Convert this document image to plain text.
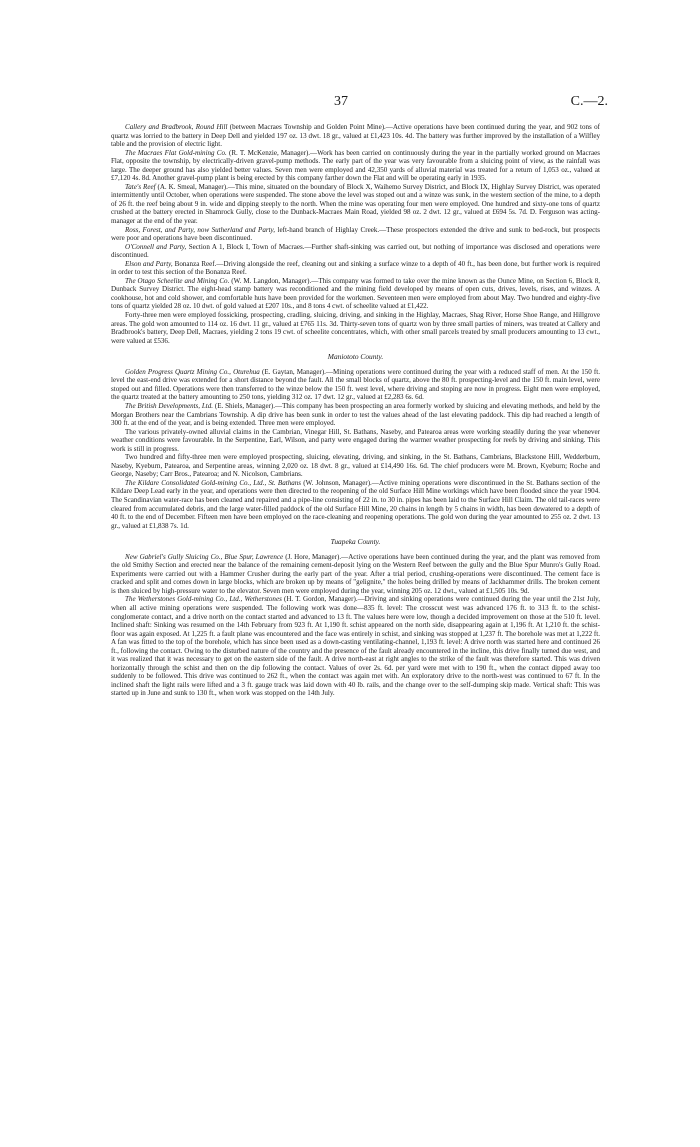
37	C.—2.

Callery and Bradbrook, Round Hill (between Macraes Township and Golden Point Mine).—Active operations have been continued during the year, and 902 tons of quartz was lorried to the battery in Deep Dell and yielded 197 oz. 13 dwt. 18 gr., valued at £1,423 10s. 4d. The battery was further improved by the installation of a Wilfley table and the provision of electric light.

The Macraes Flat Gold-mining Co. (R. T. McKenzie, Manager).—Work has been carried on continuously during the year in the partially worked ground on Macraes Flat, opposite the township, by electrically-driven gravel-pump methods. The early part of the year was very favourable from a sluicing point of view, as the rainfall was large. The deeper ground has also yielded better values. Seven men were employed and 42,350 yards of alluvial material was treated for a return of 1,053 oz., valued at £7,120 4s. 8d. Another gravel-pump plant is being erected by this company farther down the Flat and will be operating early in 1935.

Tate's Reef (A. K. Smeal, Manager).—This mine, situated on the boundary of Block X, Waihemo Survey District, and Block IX, Highlay Survey District, was operated intermittently until October, when operations were suspended. The stone above the level was stoped out and a winze was sunk, in the western section of the mine, to a depth of 26 ft. the reef being about 9 in. wide and dipping steeply to the north. When the mine was operating four men were employed. One hundred and sixty-one tons of quartz crushed at the battery erected in Shamrock Gully, close to the Dunback-Macraes Main Road, yielded 98 oz. 2 dwt. 12 gr., valued at £694 5s. 7d. D. Ferguson was acting-manager at the end of the year.

Ross, Forest, and Party, now Sutherland and Party, left-hand branch of Highlay Creek.—These prospectors extended the drive and sunk to bed-rock, but prospects were poor and operations have been discontinued.

O'Connell and Party, Section A 1, Block I, Town of Macraes.—Further shaft-sinking was carried out, but nothing of importance was disclosed and operations were discontinued.

Elson and Party, Bonanza Reef.—Driving alongside the reef, cleaning out and sinking a surface winze to a depth of 40 ft., has been done, but further work is required in order to test this section of the Bonanza Reef.

The Otago Scheelite and Mining Co. (W. M. Langdon, Manager).—This company was formed to take over the mine known as the Ounce Mine, on Section 6, Block 8, Dunback Survey District. The eight-head stamp battery was reconditioned and the mining field developed by means of open cuts, drives, levels, rises, and winzes. A cookhouse, hot and cold shower, and comfortable huts have been provided for the workmen. Seventeen men were employed from about May. Two hundred and eighty-five tons of quartz yielded 28 oz. 10 dwt. of gold valued at £207 10s., and 8 tons 4 cwt. of scheelite valued at £1,422.

Forty-three men were employed fossicking, prospecting, cradling, sluicing, driving, and sinking in the Highlay, Macraes, Shag River, Horse Shoe Range, and Hillgrove areas. The gold won amounted to 114 oz. 16 dwt. 11 gr., valued at £765 11s. 3d. Thirty-seven tons of quartz won by three small parties of miners, was treated at Callery and Bradbrook's battery, Deep Dell, Macraes, yielding 2 tons 19 cwt. of scheelite concentrates, which, with other small parcels treated by small producers amounting to 13 cwt., were valued at £536.

Maniototo County.

Golden Progress Quartz Mining Co., Oturehua (E. Gaytan, Manager).—Mining operations were continued during the year with a reduced staff of men. At the 150 ft. level the east-end drive was extended for a short distance beyond the fault. All the small blocks of quartz, above the 80 ft. prospecting-level and the 150 ft. main level, were stoped out and filled. Operations were then transferred to the winze below the 150 ft. west level, where driving and stoping are now in progress. Eight men were employed, the quartz treated at the battery amounting to 250 tons, yielding 312 oz. 17 dwt. 12 gr., valued at £2,283 6s. 6d.

The British Developments, Ltd. (E. Shiels, Manager).—This company has been prospecting an area formerly worked by sluicing and elevating methods, and held by the Morgan Brothers near the Cambrians Township. A dip drive has been sunk in order to test the values ahead of the last elevating paddock. This dip had reached a length of 300 ft. at the end of the year, and is being extended. Three men were employed.

The various privately-owned alluvial claims in the Cambrian, Vinegar Hill, St. Bathans, Naseby, and Patearoa areas were working steadily during the year whenever weather conditions were favourable. In the Serpentine, Earl, Wilson, and party were engaged during the warmer weather prospecting for reefs by driving and sinking. This work is still in progress.

Two hundred and fifty-three men were employed prospecting, sluicing, elevating, driving, and sinking, in the St. Bathans, Cambrians, Blackstone Hill, Wedderburn, Naseby, Kyeburn, Patearoa, and Serpentine areas, winning 2,020 oz. 18 dwt. 8 gr., valued at £14,490 16s. 6d. The chief producers were M. Brown, Kyeburn; Roche and George, Naseby; Carr Bros., Patearoa; and N. Nicolson, Cambrians.

The Kildare Consolidated Gold-mining Co., Ltd., St. Bathans (W. Johnson, Manager).—Active mining operations were discontinued in the St. Bathans section of the Kildare Deep Lead early in the year, and operations were then directed to the reopening of the old Surface Hill Mine workings which have been flooded since the year 1904. The Scandinavian water-race has been cleaned and repaired and a pipe-line consisting of 22 in. to 30 in. pipes has been laid to the Surface Hill Claim. The old tail-races were cleared from accumulated debris, and the large water-filled paddock of the old Surface Hill Mine, 20 chains in length by 5 chains in width, has been dewatered to a depth of 40 ft. to the end of December. Fifteen men have been employed on the race-cleaning and reopening operations. The gold won during the year amounted to 255 oz. 2 dwt. 13 gr., valued at £1,838 7s. 1d.

Tuapeka County.

New Gabriel's Gully Sluicing Co., Blue Spur, Lawrence (J. Hore, Manager).—Active operations have been continued during the year, and the plant was removed from the old Smithy Section and erected near the balance of the remaining cement-deposit lying on the Western Reef between the gully and the Blue Spur Munro's Gully Road. Experiments were carried out with a Hammer Crusher during the early part of the year. After a trial period, crushing-operations were discontinued. The cement face is cracked and split and comes down in large blocks, which are broken up by means of "gelignite," the holes being drilled by means of Jackhammer drills. The broken cement is then sluiced by high-pressure water to the elevator. Seven men were employed during the year, winning 205 oz. 12 dwt., valued at £1,505 10s. 9d.

The Wetherstones Gold-mining Co., Ltd., Wetherstones (H. T. Gordon, Manager).—Driving and sinking operations were continued during the year until the 21st July, when all active mining operations were suspended. The following work was done—835 ft. level: The crosscut west was advanced 176 ft. to 313 ft. to the schist-conglomerate contact, and a drive north on the contact started and advanced to 13 ft. The values here were low, though a decided improvement on those at the 510 ft. level. Inclined shaft: Sinking was resumed on the 14th February from 923 ft. At 1,190 ft. schist appeared on the north side, disappearing again at 1,196 ft. At 1,210 ft. the schist-floor was again exposed. At 1,225 ft. a fault plane was encountered and the face was entirely in schist, and sinking was stopped at 1,237 ft. The borehole was met at 1,222 ft. A fan was fitted to the top of the borehole, which has since been used as a down-casting ventilating-channel, 1,193 ft. level: A drive north was started here and continued 26 ft., following the contact. Owing to the disturbed nature of the country and the presence of the fault already encountered in the incline, this drive finally turned due west, and it was realized that it was necessary to get on the eastern side of the fault. A drive north-east at right angles to the strike of the fault was therefore started. This was driven horizontally through the schist and then on the dip following the contact. Values of over 2s. 6d. per yard were met with to 190 ft., when the contact dipped away too suddenly to be followed. This drive was continued to 262 ft., when the contact was again met with. An exploratory drive to the north-west was continued to 67 ft. In the inclined shaft the light rails were lifted and a 3 ft. gauge track was laid down with 40 lb. rails, and the change over to the self-dumping skip made. Vertical shaft: This was started up in June and sunk to 130 ft., when work was stopped on the 14th July.
